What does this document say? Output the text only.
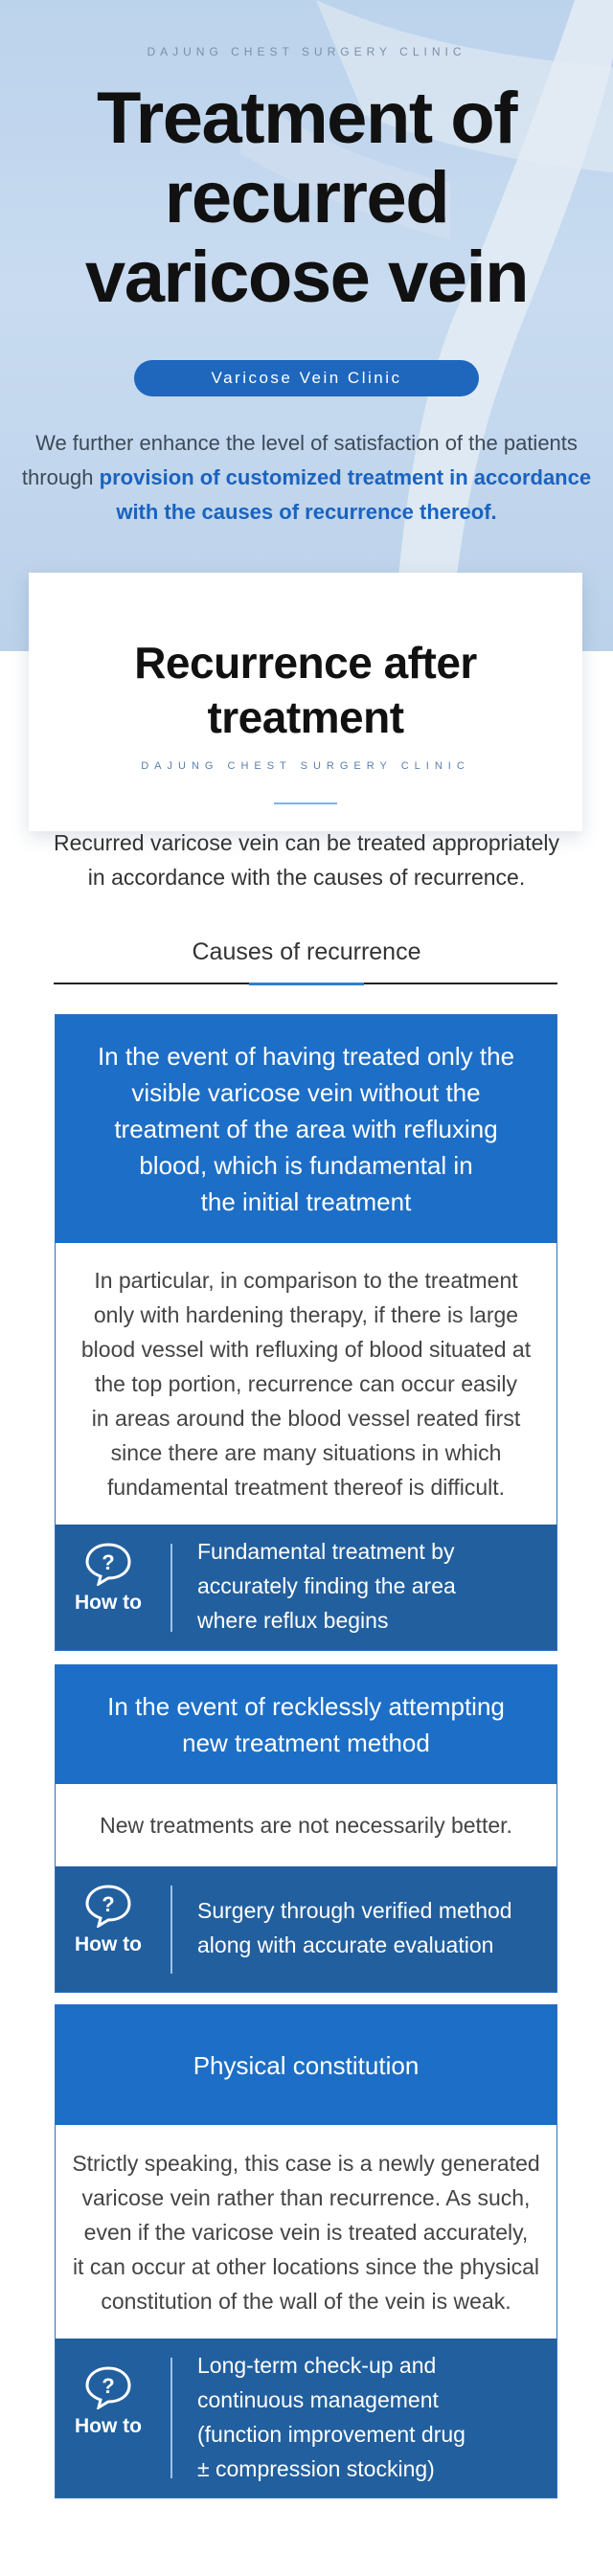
DAJUNG CHEST SURGERY CLINIC
Treatment of
recurred
varicose vein
Varicose Vein Clinic
We further enhance the level of satisfaction of the patients through provision of customized treatment in accordance with the causes of recurrence thereof.
Recurrence after
treatment
DAJUNG CHEST SURGERY CLINIC
Recurred varicose vein can be treated appropriately
in accordance with the causes of recurrence.
Causes of recurrence
In the event of having treated only the
visible varicose vein without the
treatment of the area with refluxing
blood, which is fundamental in
the initial treatment
In particular, in comparison to the treatment
only with hardening therapy, if there is large
blood vessel with refluxing of blood situated at
the top portion, recurrence can occur easily
in areas around the blood vessel reated first
since there are many situations in which
fundamental treatment thereof is difficult.
?
How to
Fundamental treatment by
accurately finding the area
where reflux begins
In the event of recklessly attempting
new treatment method
New treatments are not necessarily better.
?
How to
Surgery through verified method
along with accurate evaluation
Physical constitution
Strictly speaking, this case is a newly generated
varicose vein rather than recurrence. As such,
even if the varicose vein is treated accurately,
it can occur at other locations since the physical
constitution of the wall of the vein is weak.
?
How to
Long-term check-up and
continuous management
(function improvement drug
± compression stocking)
